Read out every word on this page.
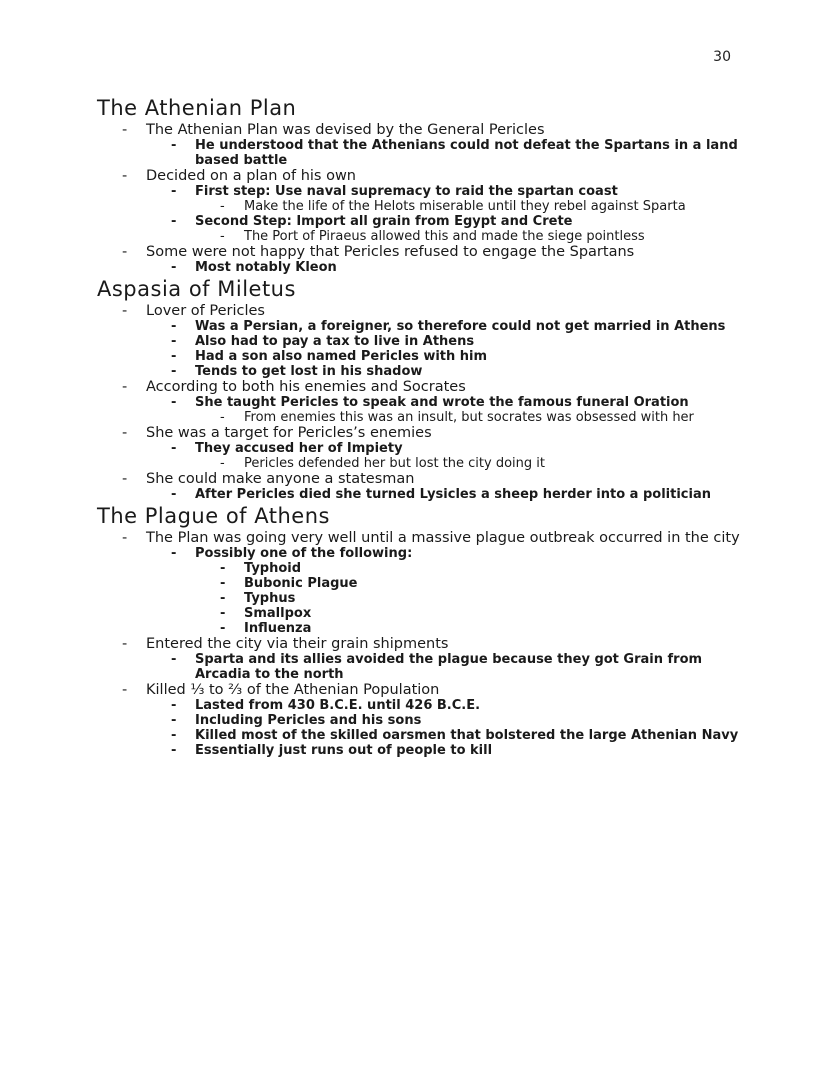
30
The Athenian Plan
- The Athenian Plan was devised by the General Pericles
- He understood that the Athenians could not defeat the Spartans in a land based battle
- Decided on a plan of his own
- First step: Use naval supremacy to raid the spartan coast
- Make the life of the Helots miserable until they rebel against Sparta
- Second Step: Import all grain from Egypt and Crete
- The Port of Piraeus allowed this and made the siege pointless
- Some were not happy that Pericles refused to engage the Spartans
- Most notably Kleon
Aspasia of Miletus
- Lover of Pericles
- Was a Persian, a foreigner, so therefore could not get married in Athens
- Also had to pay a tax to live in Athens
- Had a son also named Pericles with him
- Tends to get lost in his shadow
- According to both his enemies and Socrates
- She taught Pericles to speak and wrote the famous funeral Oration
- From enemies this was an insult, but socrates was obsessed with her
- She was a target for Pericles’s enemies
- They accused her of Impiety
- Pericles defended her but lost the city doing it
- She could make anyone a statesman
- After Pericles died she turned Lysicles a sheep herder into a politician
The Plague of Athens
- The Plan was going very well until a massive plague outbreak occurred in the city
- Possibly one of the following:
- Typhoid
- Bubonic Plague
- Typhus
- Smallpox
- Influenza
- Entered the city via their grain shipments
- Sparta and its allies avoided the plague because they got Grain from Arcadia to the north
- Killed ⅓ to ⅔ of the Athenian Population
- Lasted from 430 B.C.E. until 426 B.C.E.
- Including Pericles and his sons
- Killed most of the skilled oarsmen that bolstered the large Athenian Navy
- Essentially just runs out of people to kill
